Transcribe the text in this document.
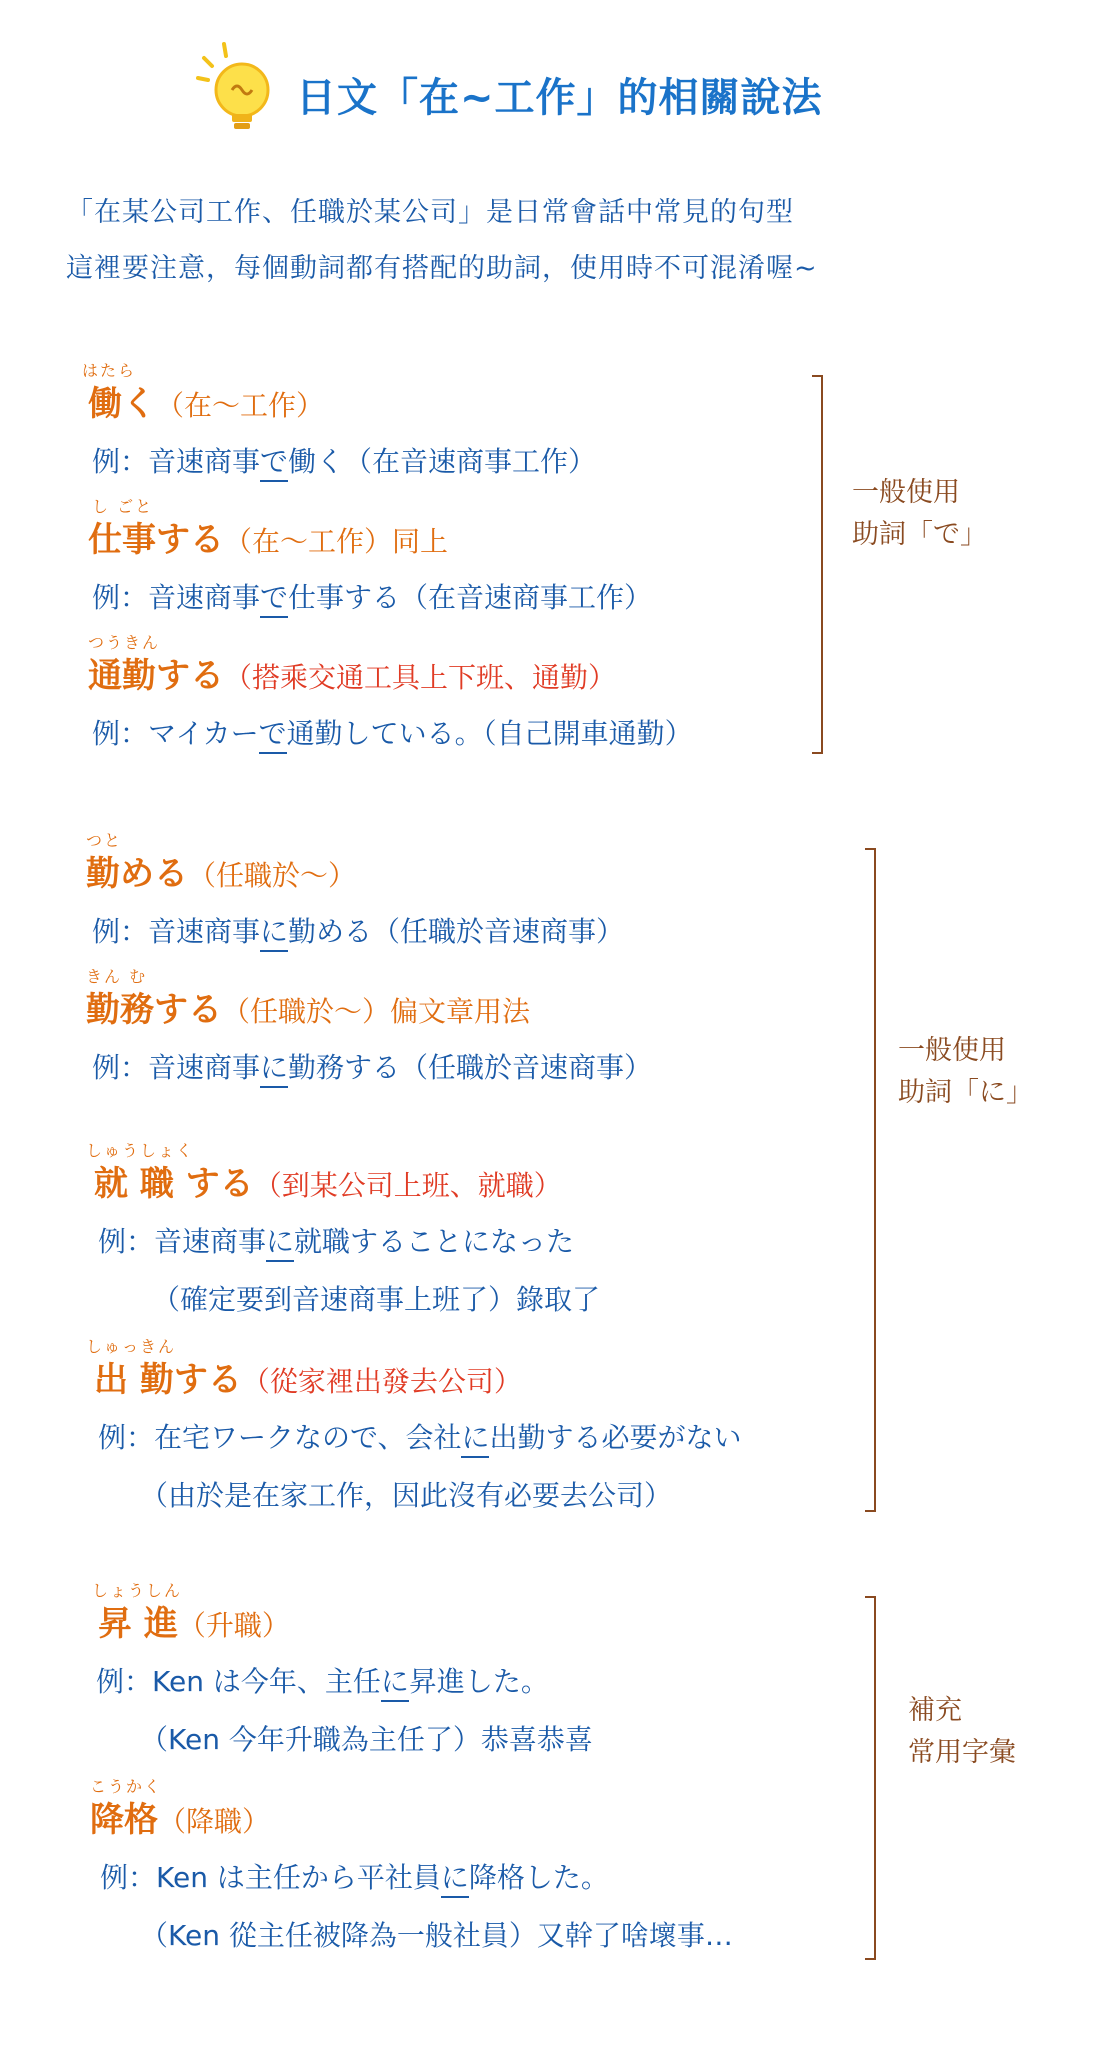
日文「在~工作」的相關說法
「在某公司工作、任職於某公司」是日常會話中常見的句型
這裡要注意，每個動詞都有搭配的助詞，使用時不可混淆喔~
一般使用
助詞「で」
はたら
働く（在～工作）
例：音速商事で働く（在音速商事工作）
し ごと
仕事する（在～工作）同上
例：音速商事で仕事する（在音速商事工作）
つうきん
通勤する（搭乘交通工具上下班、通勤）
例：マイカーで通勤している。（自己開車通勤）
一般使用
助詞「に」
つと
勤める（任職於～）
例：音速商事に勤める（任職於音速商事）
きん む
勤務する（任職於～）偏文章用法
例：音速商事に勤務する（任職於音速商事）
しゅうしょく
就 職 する（到某公司上班、就職）
例：音速商事に就職することになった
（確定要到音速商事上班了）錄取了
しゅっきん
出 勤する（從家裡出發去公司）
例：在宅ワークなので、会社に出勤する必要がない
（由於是在家工作，因此沒有必要去公司）
補充
常用字彙
しょうしん
昇 進（升職）
例：Ken は今年、主任に昇進した。
（Ken 今年升職為主任了）恭喜恭喜
こうかく
降格（降職）
例：Ken は主任から平社員に降格した。
（Ken 從主任被降為一般社員）又幹了啥壞事…
